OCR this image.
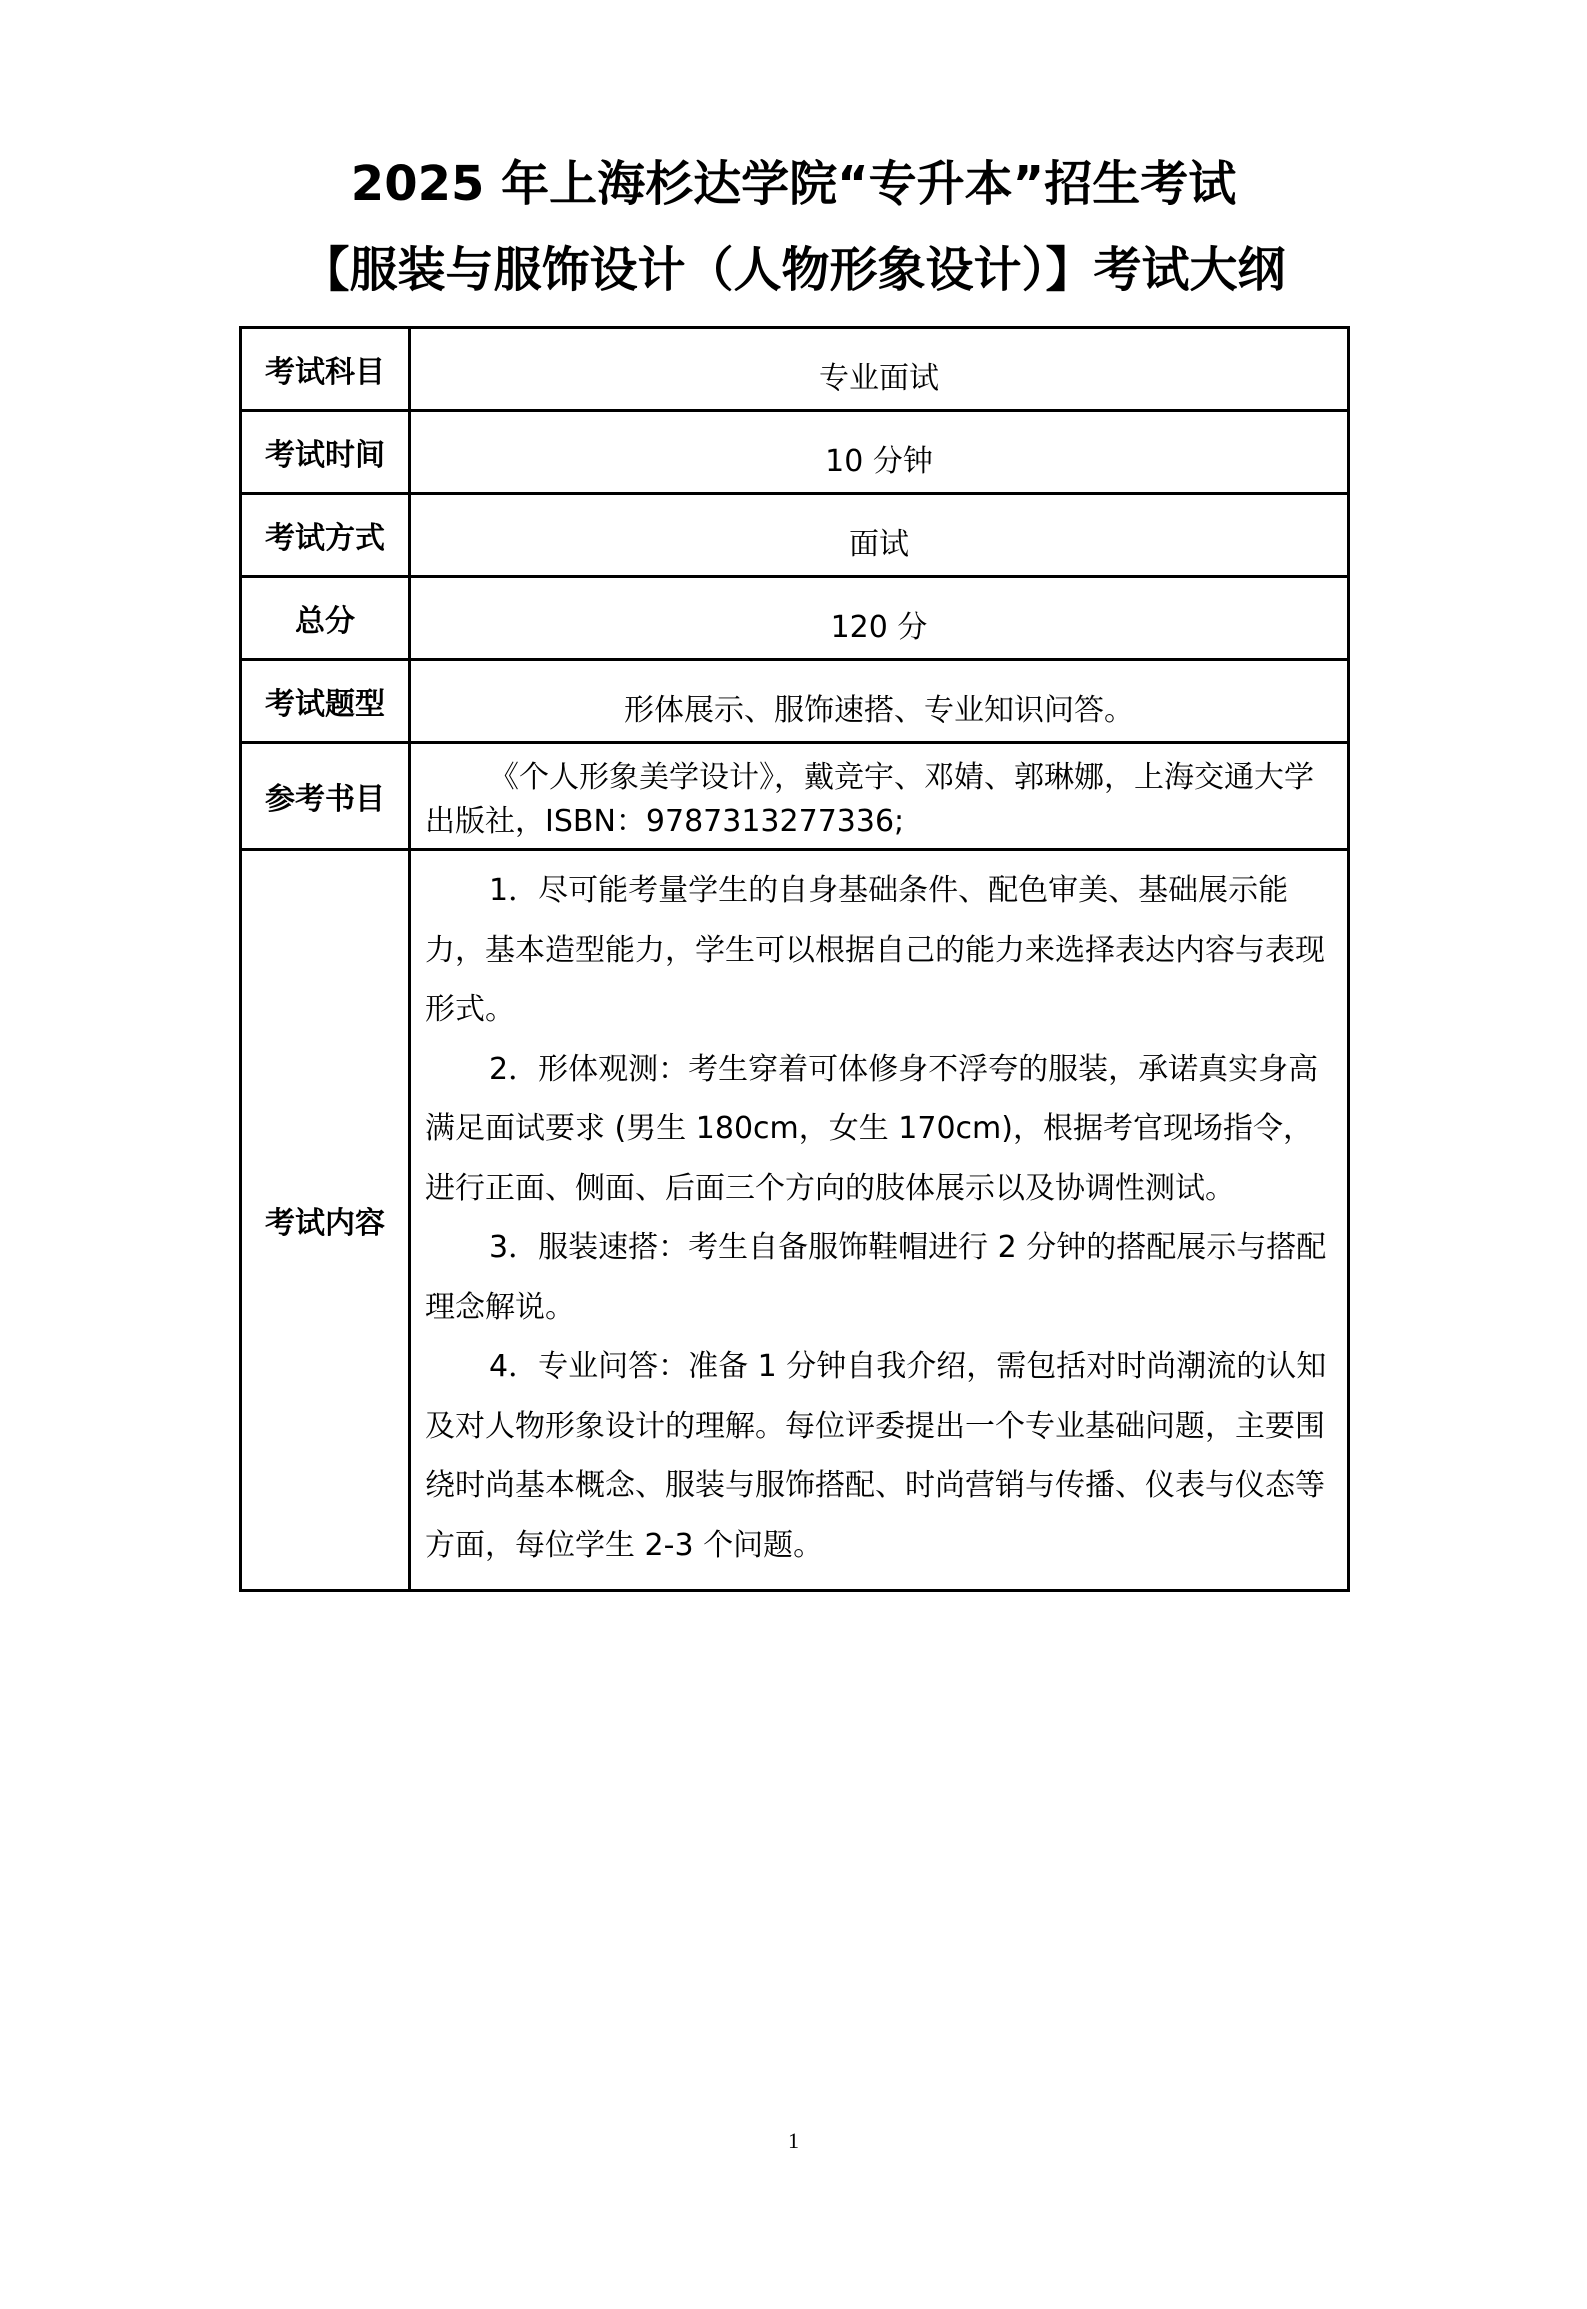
2025 年上海杉达学院“专升本”招生考试
【服装与服饰设计（人物形象设计）】考试大纲
考试科目	专业面试
考试时间	10 分钟
考试方式	面试
总分	120 分
考试题型	形体展示、服饰速搭、专业知识问答。
参考书目	《个人形象美学设计》，戴竞宇、邓婧、郭琳娜，上海交通大学出版社，ISBN：9787313277336;

考试内容	1．尽可能考量学生的自身基础条件、配色审美、基础展示能力，基本造型能力，学生可以根据自己的能力来选择表达内容与表现形式。

2．形体观测：考生穿着可体修身不浮夸的服装，承诺真实身高满足面试要求 (男生 180cm，女生 170cm)，根据考官现场指令，进行正面、侧面、后面三个方向的肢体展示以及协调性测试。

3．服装速搭：考生自备服饰鞋帽进行 2 分钟的搭配展示与搭配理念解说。

4．专业问答：准备 1 分钟自我介绍，需包括对时尚潮流的认知及对人物形象设计的理解。每位评委提出一个专业基础问题，主要围绕时尚基本概念、服装与服饰搭配、时尚营销与传播、仪表与仪态等方面，每位学生 2-3 个问题。

1
